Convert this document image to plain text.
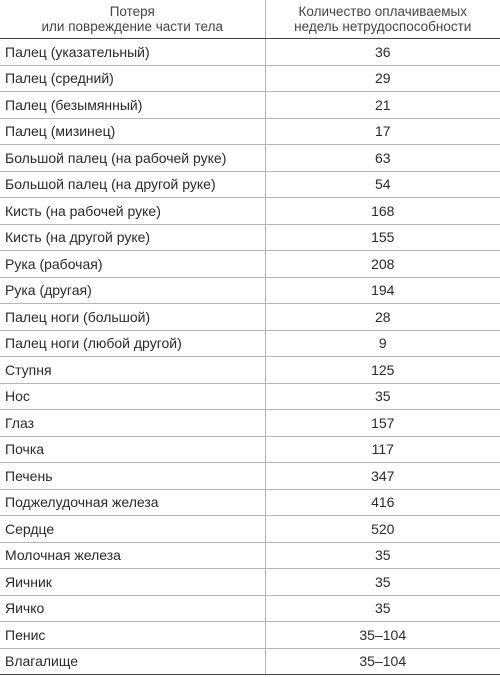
Потеря
или повреждение части тела	Количество оплачиваемых
недель нетрудоспособности

Палец (указательный)	36
Палец (средний)	29
Палец (безымянный)	21
Палец (мизинец)	17
Большой палец (на рабочей руке)	63
Большой палец (на другой руке)	54
Кисть (на рабочей руке)	168
Кисть (на другой руке)	155
Рука (рабочая)	208
Рука (другая)	194
Палец ноги (большой)	28
Палец ноги (любой другой)	9
Ступня	125
Нос	35
Глаз	157
Почка	117
Печень	347
Поджелудочная железа	416
Сердце	520
Молочная железа	35
Яичник	35
Яичко	35
Пенис	35–104
Влагалище	35–104
